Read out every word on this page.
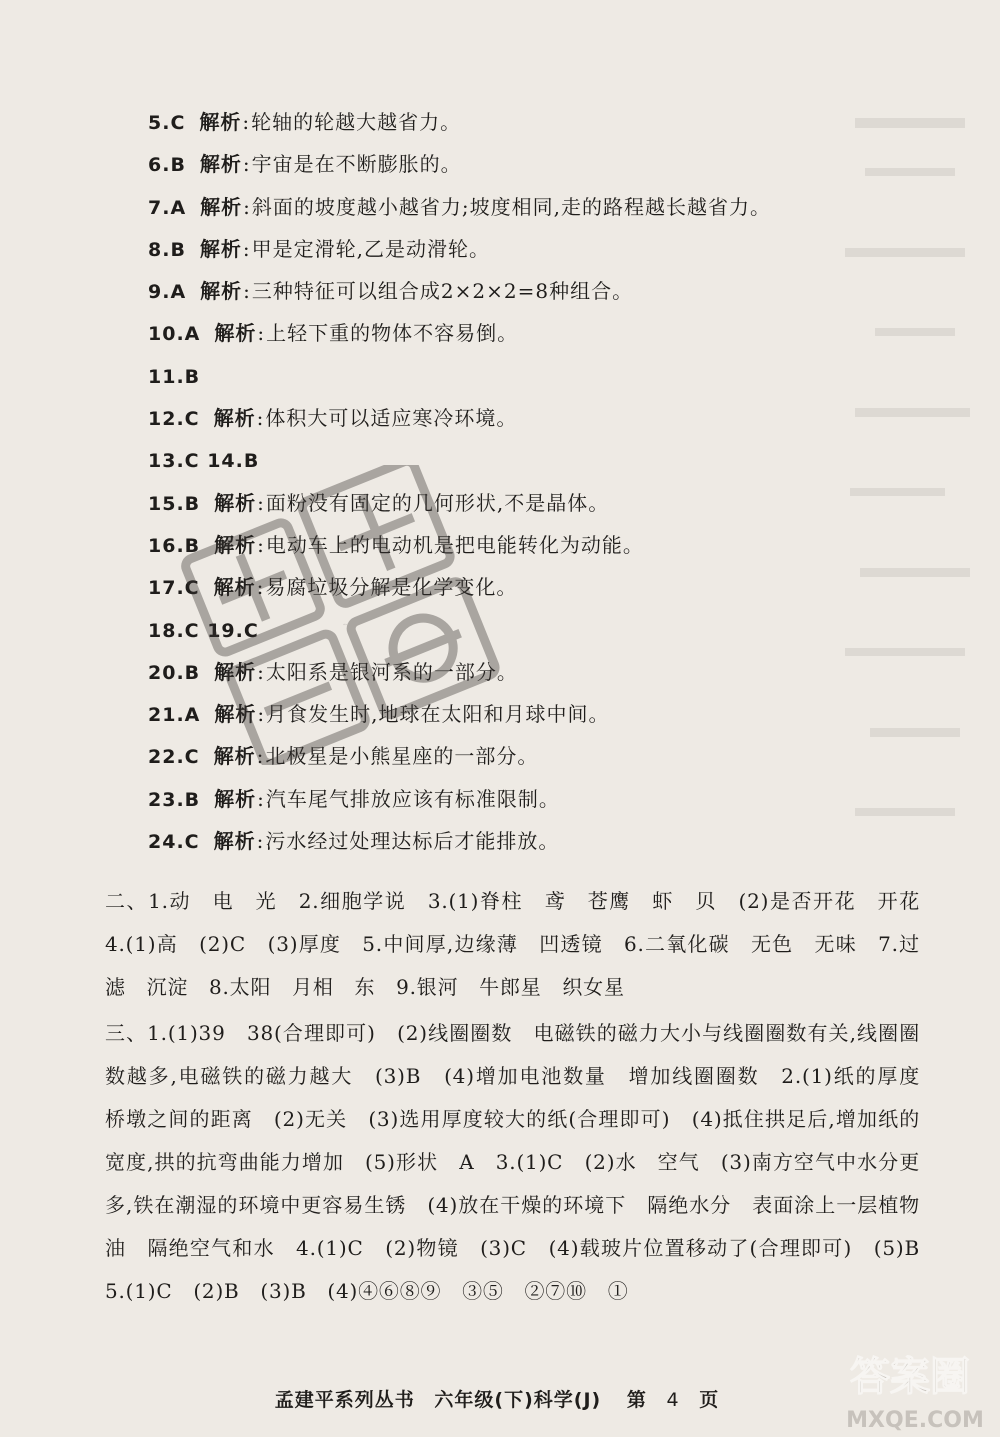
5.C 解析:轮轴的轮越大越省力。
6.B 解析:宇宙是在不断膨胀的。
7.A 解析:斜面的坡度越小越省力;坡度相同,走的路程越长越省力。
8.B 解析:甲是定滑轮,乙是动滑轮。
9.A 解析:三种特征可以组合成2×2×2=8种组合。
10.A 解析:上轻下重的物体不容易倒。
11.B
12.C 解析:体积大可以适应寒冷环境。
13.C 14.B
15.B 解析:面粉没有固定的几何形状,不是晶体。
16.B 解析:电动车上的电动机是把电能转化为动能。
17.C 解析:易腐垃圾分解是化学变化。
18.C 19.C
20.B 解析:太阳系是银河系的一部分。
21.A 解析:月食发生时,地球在太阳和月球中间。
22.C 解析:北极星是小熊星座的一部分。
23.B 解析:汽车尾气排放应该有标准限制。
24.C 解析:污水经过处理达标后才能排放。
二、1.动　电　光　2.细胞学说　3.(1)脊柱　鸢　苍鹰　虾　贝　(2)是否开花　开花　4.(1)高　(2)C　(3)厚度　5.中间厚,边缘薄　凹透镜　6.二氧化碳　无色　无味　7.过滤　沉淀　8.太阳　月相　东　9.银河　牛郎星　织女星
三、1.(1)39　38(合理即可)　(2)线圈圈数　电磁铁的磁力大小与线圈圈数有关,线圈圈数越多,电磁铁的磁力越大　(3)B　(4)增加电池数量　增加线圈圈数　2.(1)纸的厚度　桥墩之间的距离　(2)无关　(3)选用厚度较大的纸(合理即可)　(4)抵住拱足后,增加纸的宽度,拱的抗弯曲能力增加　(5)形状　A　3.(1)C　(2)水　空气　(3)南方空气中水分更多,铁在潮湿的环境中更容易生锈　(4)放在干燥的环境下　隔绝水分　表面涂上一层植物油　隔绝空气和水　4.(1)C　(2)物镜　(3)C　(4)载玻片位置移动了(合理即可)　(5)B　5.(1)C　(2)B　(3)B　(4)④⑥⑧⑨　③⑤　②⑦⑩　①
印刷样本
孟建平系列丛书 六年级(下)科学(J) 第 4 页	答案圈
MXQE.COM
